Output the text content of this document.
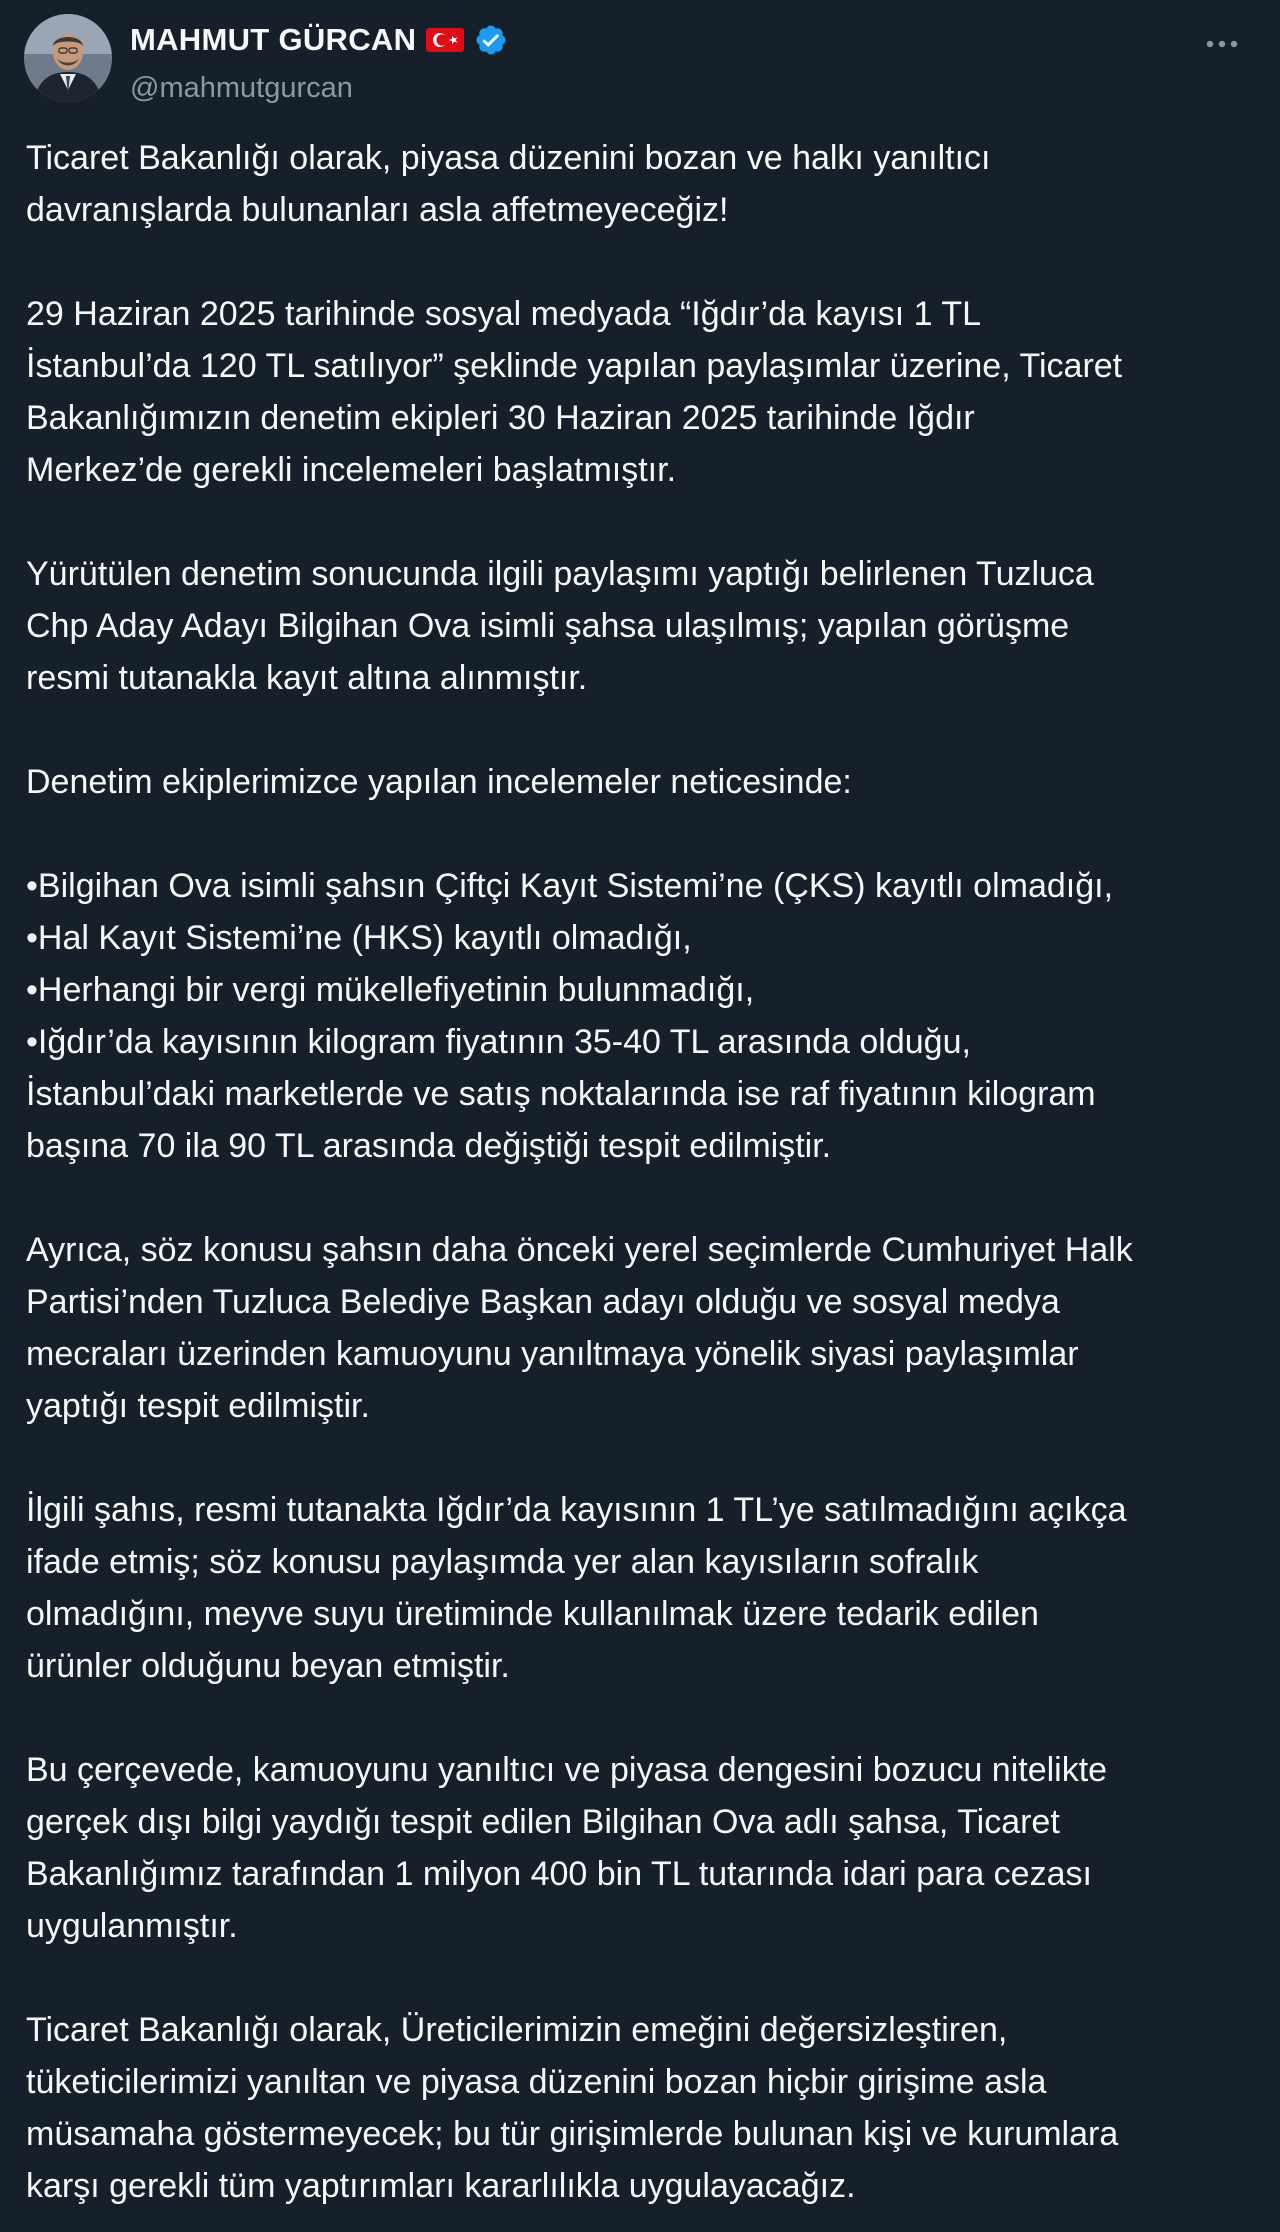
MAHMUT GÜRCAN
@mahmutgurcan
Ticaret Bakanlığı olarak, piyasa düzenini bozan ve halkı yanıltıcı
davranışlarda bulunanları asla affetmeyeceğiz!
29 Haziran 2025 tarihinde sosyal medyada “Iğdır’da kayısı 1 TL
İstanbul’da 120 TL satılıyor” şeklinde yapılan paylaşımlar üzerine, Ticaret
Bakanlığımızın denetim ekipleri 30 Haziran 2025 tarihinde Iğdır
Merkez’de gerekli incelemeleri başlatmıştır.
Yürütülen denetim sonucunda ilgili paylaşımı yaptığı belirlenen Tuzluca
Chp Aday Adayı Bilgihan Ova isimli şahsa ulaşılmış; yapılan görüşme
resmi tutanakla kayıt altına alınmıştır.
Denetim ekiplerimizce yapılan incelemeler neticesinde:
•Bilgihan Ova isimli şahsın Çiftçi Kayıt Sistemi’ne (ÇKS) kayıtlı olmadığı,
•Hal Kayıt Sistemi’ne (HKS) kayıtlı olmadığı,
•Herhangi bir vergi mükellefiyetinin bulunmadığı,
•Iğdır’da kayısının kilogram fiyatının 35-40 TL arasında olduğu,
İstanbul’daki marketlerde ve satış noktalarında ise raf fiyatının kilogram
başına 70 ila 90 TL arasında değiştiği tespit edilmiştir.
Ayrıca, söz konusu şahsın daha önceki yerel seçimlerde Cumhuriyet Halk
Partisi’nden Tuzluca Belediye Başkan adayı olduğu ve sosyal medya
mecraları üzerinden kamuoyunu yanıltmaya yönelik siyasi paylaşımlar
yaptığı tespit edilmiştir.
İlgili şahıs, resmi tutanakta Iğdır’da kayısının 1 TL’ye satılmadığını açıkça
ifade etmiş; söz konusu paylaşımda yer alan kayısıların sofralık
olmadığını, meyve suyu üretiminde kullanılmak üzere tedarik edilen
ürünler olduğunu beyan etmiştir.
Bu çerçevede, kamuoyunu yanıltıcı ve piyasa dengesini bozucu nitelikte
gerçek dışı bilgi yaydığı tespit edilen Bilgihan Ova adlı şahsa, Ticaret
Bakanlığımız tarafından 1 milyon 400 bin TL tutarında idari para cezası
uygulanmıştır.
Ticaret Bakanlığı olarak, Üreticilerimizin emeğini değersizleştiren,
tüketicilerimizi yanıltan ve piyasa düzenini bozan hiçbir girişime asla
müsamaha göstermeyecek; bu tür girişimlerde bulunan kişi ve kurumlara
karşı gerekli tüm yaptırımları kararlılıkla uygulayacağız.
